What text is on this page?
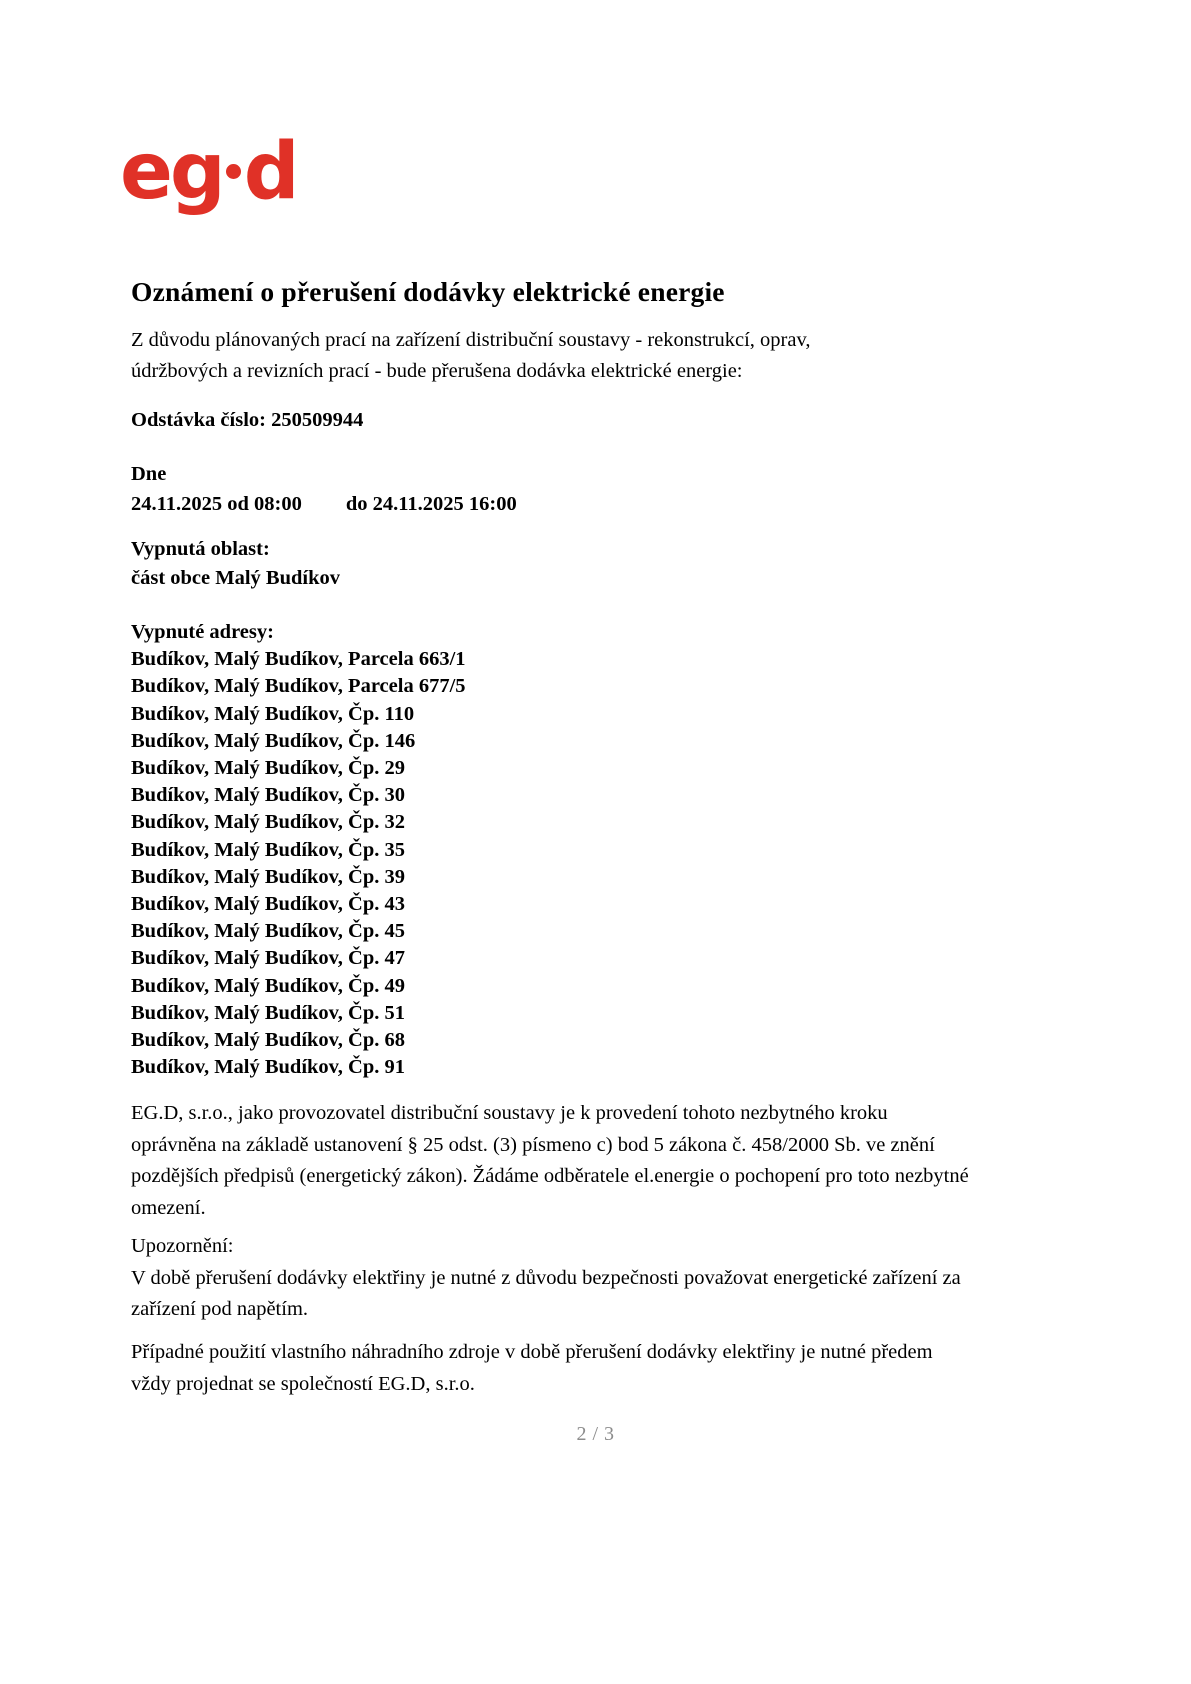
eg d
Oznámení o přerušení dodávky elektrické energie

Z důvodu plánovaných prací na zařízení distribuční soustavy - rekonstrukcí, oprav,

údržbových a revizních prací - bude přerušena dodávka elektrické energie:

Odstávka číslo: 250509944
Dne
24.11.2025 od 08:00 do 24.11.2025 16:00
Vypnutá oblast:
část obce Malý Budíkov
Vypnuté adresy:
Budíkov, Malý Budíkov, Parcela 663/1
Budíkov, Malý Budíkov, Parcela 677/5
Budíkov, Malý Budíkov, Čp. 110
Budíkov, Malý Budíkov, Čp. 146
Budíkov, Malý Budíkov, Čp. 29
Budíkov, Malý Budíkov, Čp. 30
Budíkov, Malý Budíkov, Čp. 32
Budíkov, Malý Budíkov, Čp. 35
Budíkov, Malý Budíkov, Čp. 39
Budíkov, Malý Budíkov, Čp. 43
Budíkov, Malý Budíkov, Čp. 45
Budíkov, Malý Budíkov, Čp. 47
Budíkov, Malý Budíkov, Čp. 49
Budíkov, Malý Budíkov, Čp. 51
Budíkov, Malý Budíkov, Čp. 68
Budíkov, Malý Budíkov, Čp. 91

EG.D, s.r.o., jako provozovatel distribuční soustavy je k provedení tohoto nezbytného kroku oprávněna na základě ustanovení § 25 odst. (3) písmeno c) bod 5 zákona č. 458/2000 Sb. ve znění pozdějších předpisů (energetický zákon). Žádáme odběratele el.energie o pochopení pro toto nezbytné omezení.

Upozornění:

V době přerušení dodávky elektřiny je nutné z důvodu bezpečnosti považovat energetické zařízení za zařízení pod napětím.

Případné použití vlastního náhradního zdroje v době přerušení dodávky elektřiny je nutné předem vždy projednat se společností EG.D, s.r.o.

2 / 3
